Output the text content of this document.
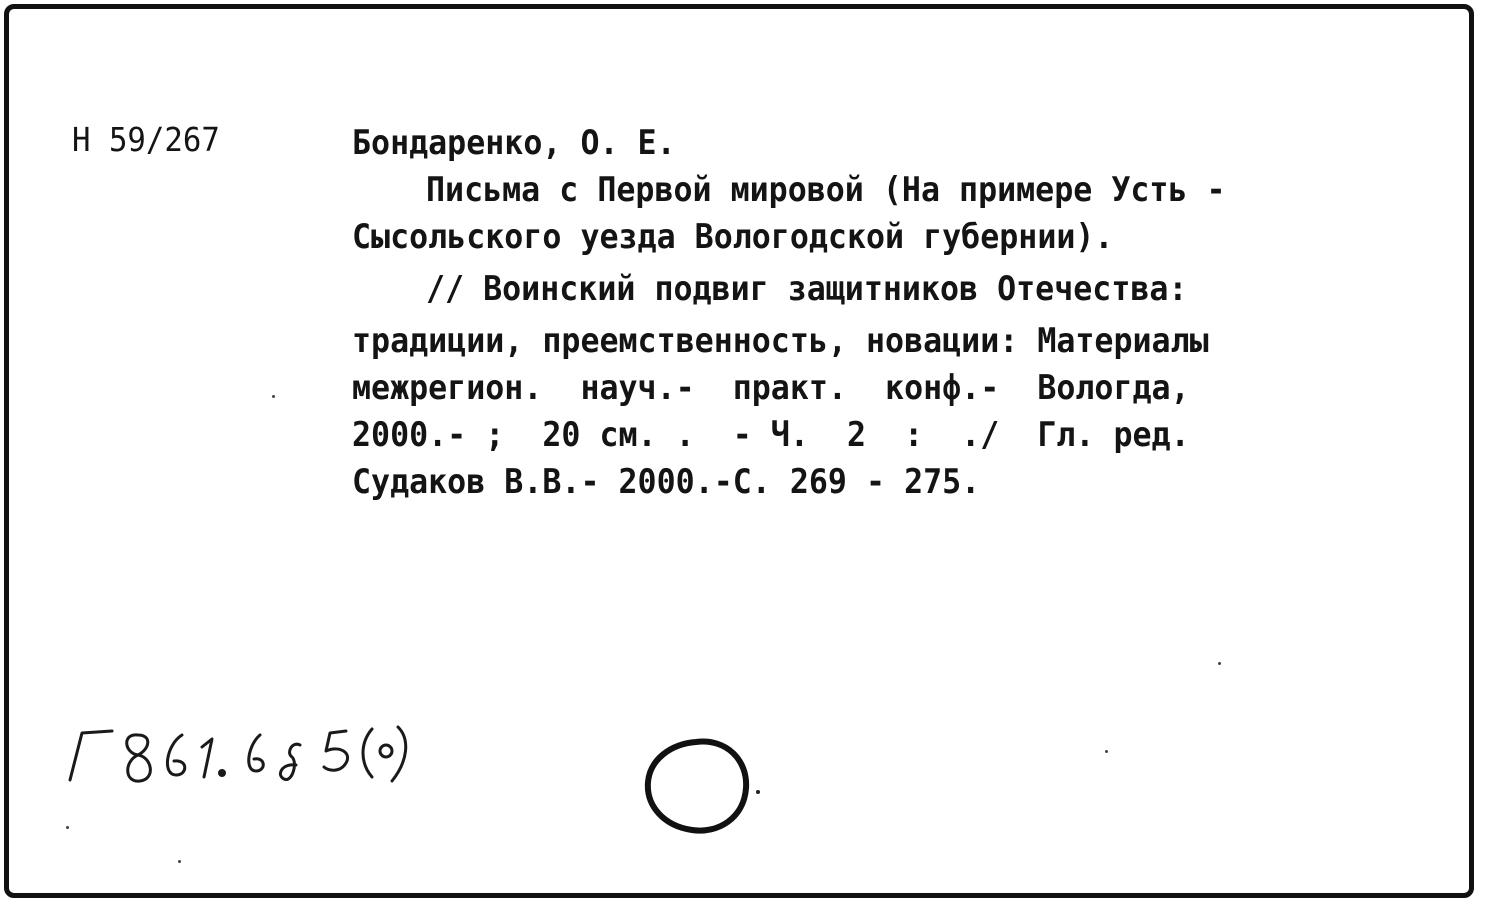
Н 59/267	Бондаренко, О. Е.
Письма с Первой мировой (На примере Усть -
Сысольского уезда Вологодской губернии).
// Воинский подвиг защитников Отечества:
традиции, преемственность, новации: Материалы
межрегион.  науч.-  практ.  конф.-  Вологда,
2000.- ;  20 см. .  - Ч.  2  :  ./  Гл. ред.
Судаков В.В.- 2000.-С. 269 - 275.
